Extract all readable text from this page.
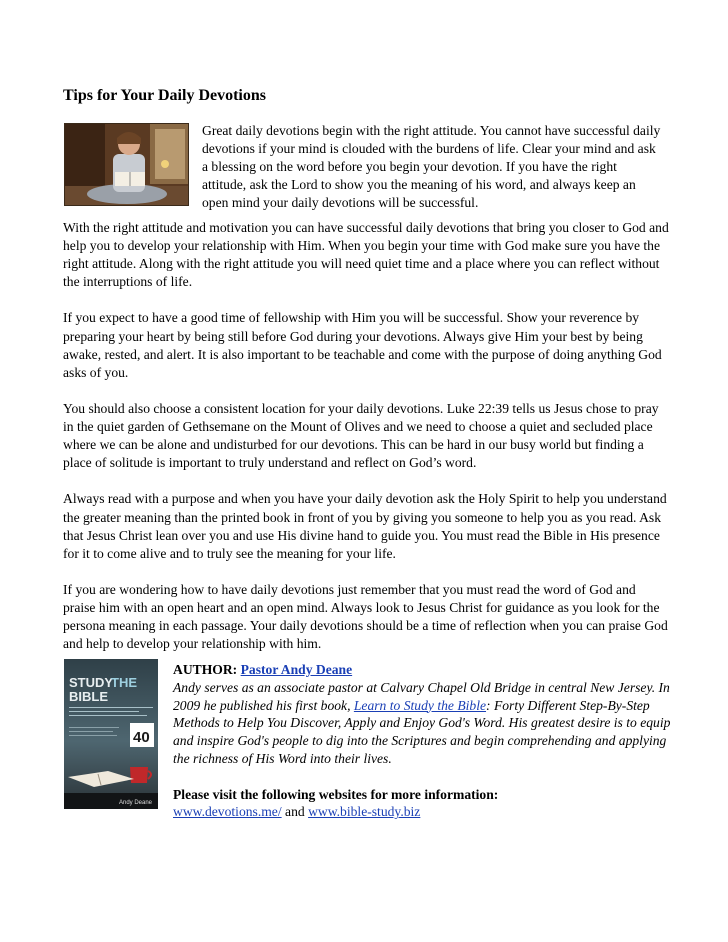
Tips for Your Daily Devotions

Great daily devotions begin with the right attitude. You cannot have successful daily devotions if your mind is clouded with the burdens of life. Clear your mind and ask a blessing on the word before you begin your devotion. If you have the right attitude, ask the Lord to show you the meaning of his word, and always keep an open mind your daily devotions will be successful.

With the right attitude and motivation you can have successful daily devotions that bring you closer to God and help you to develop your relationship with Him. When you begin your time with God make sure you have the right attitude. Along with the right attitude you will need quiet time and a place where you can reflect without the interruptions of life.

If you expect to have a good time of fellowship with Him you will be successful. Show your reverence by preparing your heart by being still before God during your devotions. Always give Him your best by being awake, rested, and alert. It is also important to be teachable and come with the purpose of doing anything God asks of you.

You should also choose a consistent location for your daily devotions. Luke 22:39 tells us Jesus chose to pray in the quiet garden of Gethsemane on the Mount of Olives and we need to choose a quiet and secluded place where we can be alone and undisturbed for our devotions. This can be hard in our busy world but finding a place of solitude is important to truly understand and reflect on God’s word.

Always read with a purpose and when you have your daily devotion ask the Holy Spirit to help you understand the greater meaning than the printed book in front of you by giving you someone to help you as you read. Ask that Jesus Christ lean over you and use His divine hand to guide you. You must read the Bible in His presence for it to come alive and to truly see the meaning for your life.

If you are wondering how to have daily devotions just remember that you must read the word of God and praise him with an open heart and an open mind. Always look to Jesus Christ for guidance as you look for the persona meaning in each passage. Your daily devotions should be a time of reflection when you can praise God and help to develop your relationship with him.

STUDY
THE
BIBLE
40
Andy Deane

AUTHOR: Pastor Andy Deane

Andy serves as an associate pastor at Calvary Chapel Old Bridge in central New Jersey. In 2009 he published his first book, Learn to Study the Bible: Forty Different Step-By-Step Methods to Help You Discover, Apply and Enjoy God's Word. His greatest desire is to equip and inspire God's people to dig into the Scriptures and begin comprehending and applying the richness of His Word into their lives.

Please visit the following websites for more information:

www.devotions.me/ and www.bible-study.biz
